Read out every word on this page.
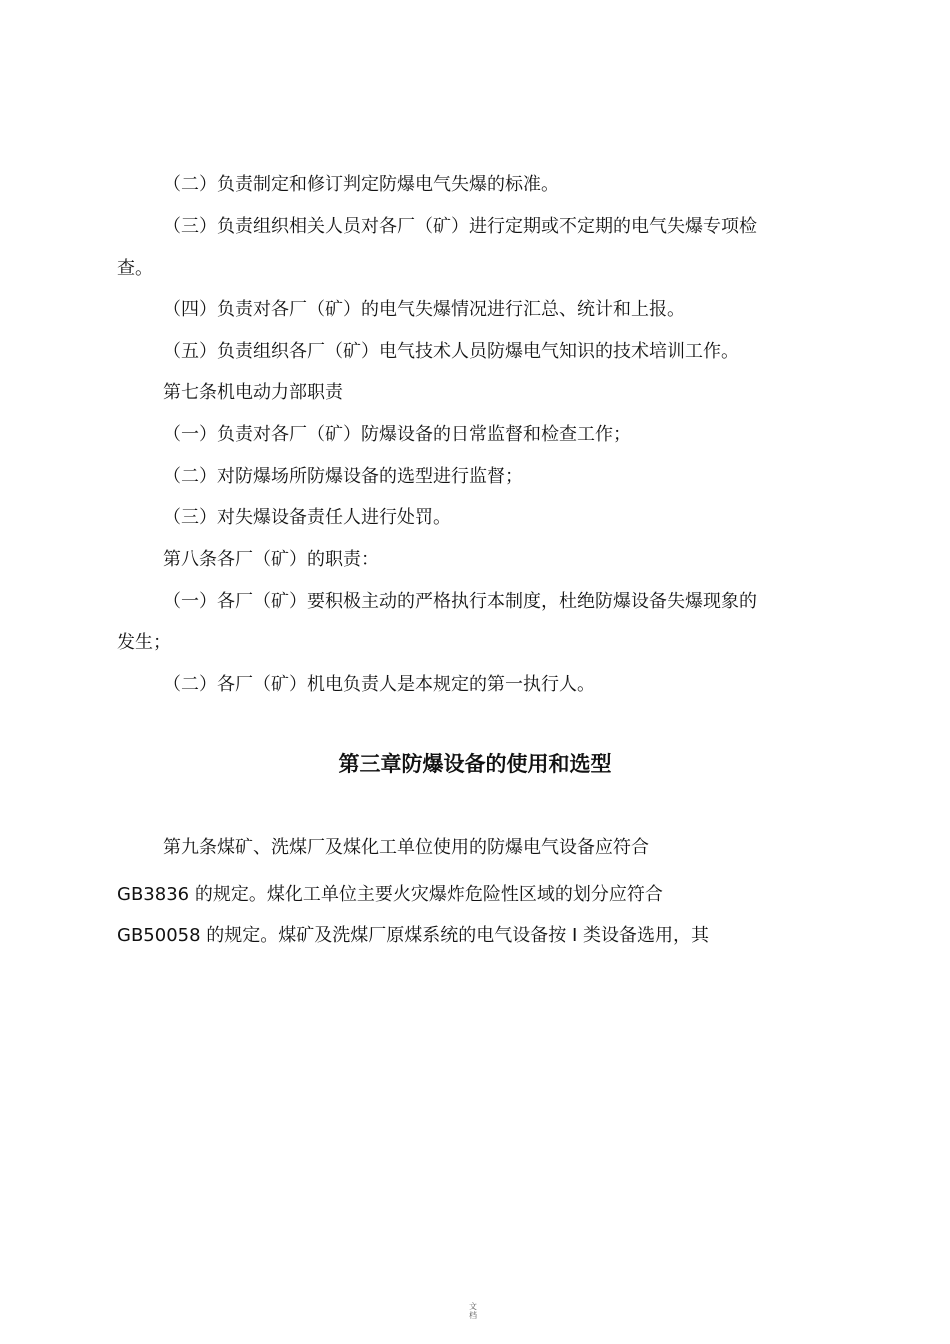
（二）负责制定和修订判定防爆电气失爆的标准。
（三）负责组织相关人员对各厂（矿）进行定期或不定期的电气失爆专项检
查。
（四）负责对各厂（矿）的电气失爆情况进行汇总、统计和上报。
（五）负责组织各厂（矿）电气技术人员防爆电气知识的技术培训工作。
第七条机电动力部职责
（一）负责对各厂（矿）防爆设备的日常监督和检查工作；
（二）对防爆场所防爆设备的选型进行监督；
（三）对失爆设备责任人进行处罚。
第八条各厂（矿）的职责：
（一）各厂（矿）要积极主动的严格执行本制度，杜绝防爆设备失爆现象的
发生；
（二）各厂（矿）机电负责人是本规定的第一执行人。
第三章防爆设备的使用和选型
第九条煤矿、洗煤厂及煤化工单位使用的防爆电气设备应符合
GB3836 的规定。煤化工单位主要火灾爆炸危险性区域的划分应符合
GB50058 的规定。煤矿及洗煤厂原煤系统的电气设备按 I 类设备选用，其
文档
